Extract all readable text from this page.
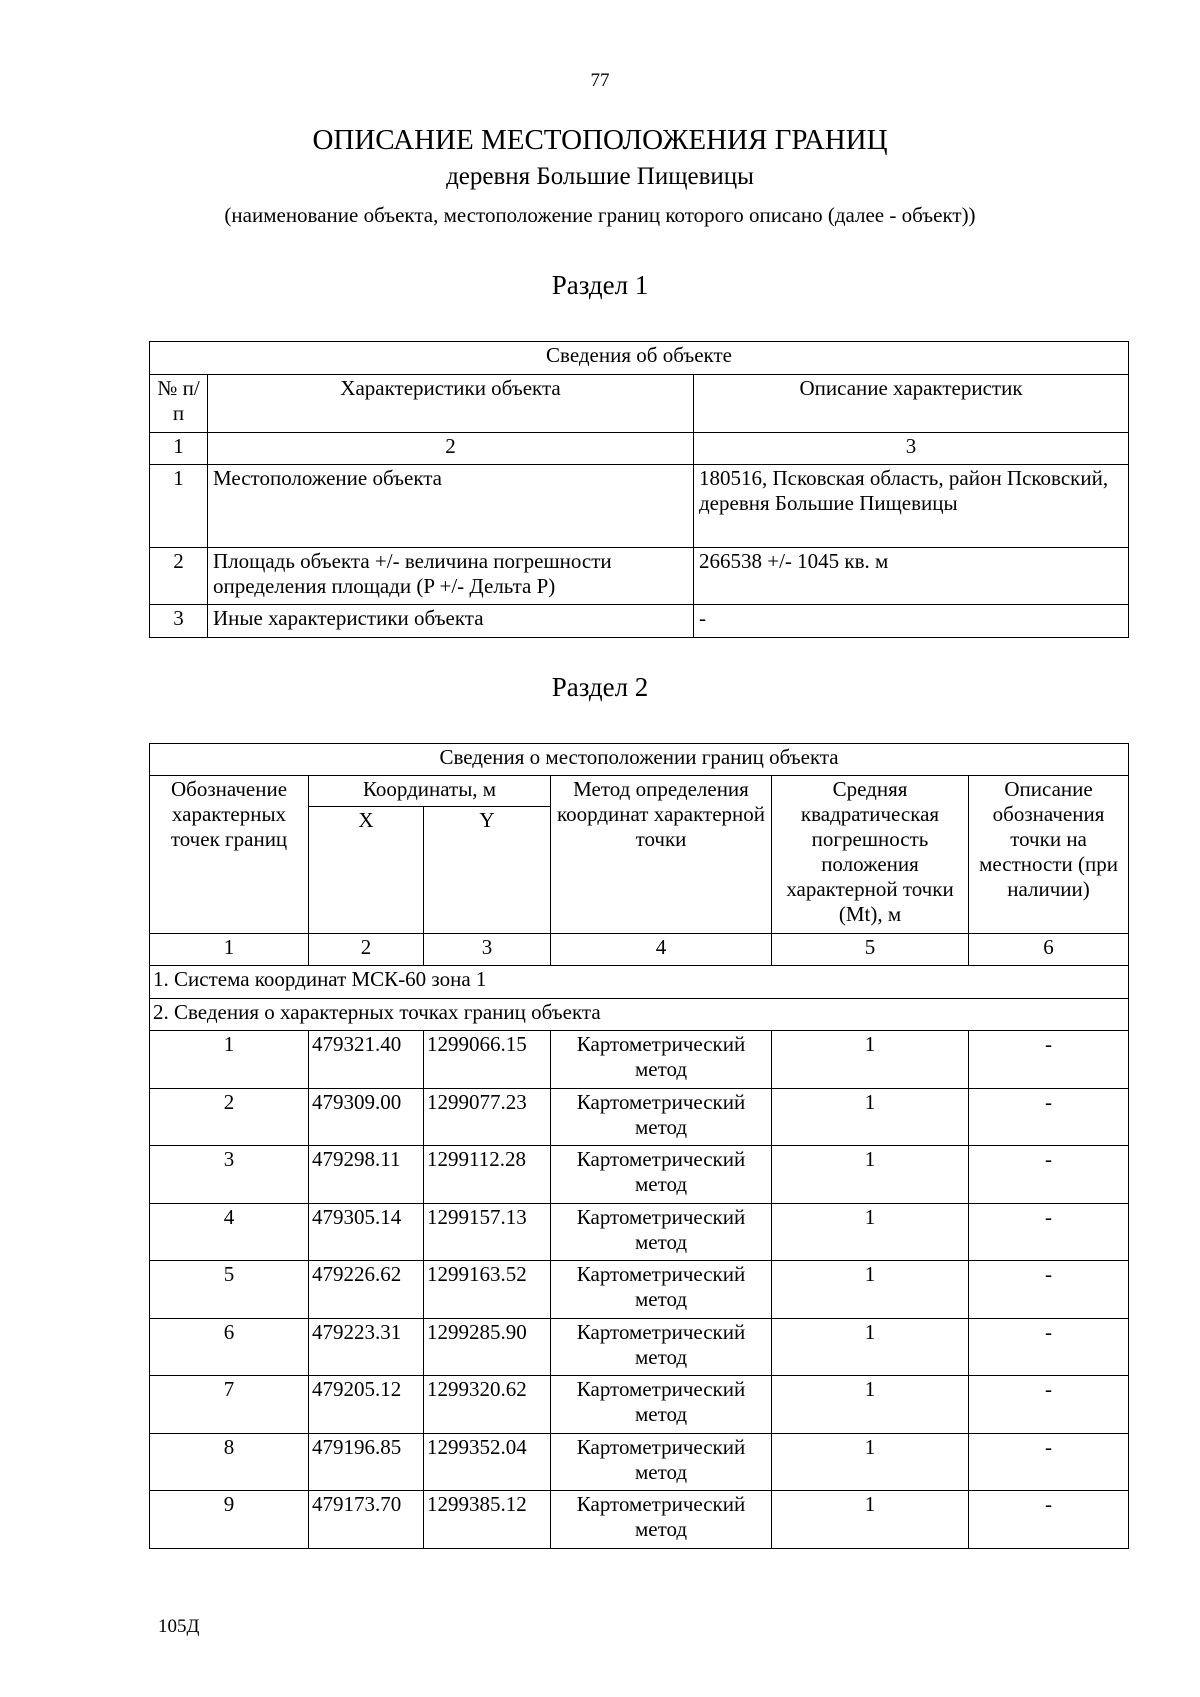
77
ОПИСАНИЕ МЕСТОПОЛОЖЕНИЯ ГРАНИЦ
деревня Большие Пищевицы
(наименование объекта, местоположение границ которого описано (далее - объект))
Раздел 1
Сведения об объекте		
№ п/п	Характеристики объекта	Описание характеристик
1	2	3
1	Местоположение объекта	180516, Псковская область, район Псковский, деревня Большие Пищевицы
2	Площадь объекта +/- величина погрешности определения площади (P +/- Дельта P)	266538 +/- 1045 кв. м
3	Иные характеристики объекта	-
Раздел 2
Сведения о местоположении границ объекта					
Обозначение характерных точек границ	Координаты, м		Метод определения координат характерной точки	Средняя квадратическая погрешность положения характерной точки (Mt), м	Описание обозначения точки на местности (при наличии)
	X	Y			
1	2	3	4	5	6
1. Система координат МСК-60 зона 1					
2. Сведения о характерных точках границ объекта					
1	479321.40	1299066.15	Картометрический метод	1	-
2	479309.00	1299077.23	Картометрический метод	1	-
3	479298.11	1299112.28	Картометрический метод	1	-
4	479305.14	1299157.13	Картометрический метод	1	-
5	479226.62	1299163.52	Картометрический метод	1	-
6	479223.31	1299285.90	Картометрический метод	1	-
7	479205.12	1299320.62	Картометрический метод	1	-
8	479196.85	1299352.04	Картометрический метод	1	-
9	479173.70	1299385.12	Картометрический метод	1	-
105Д
